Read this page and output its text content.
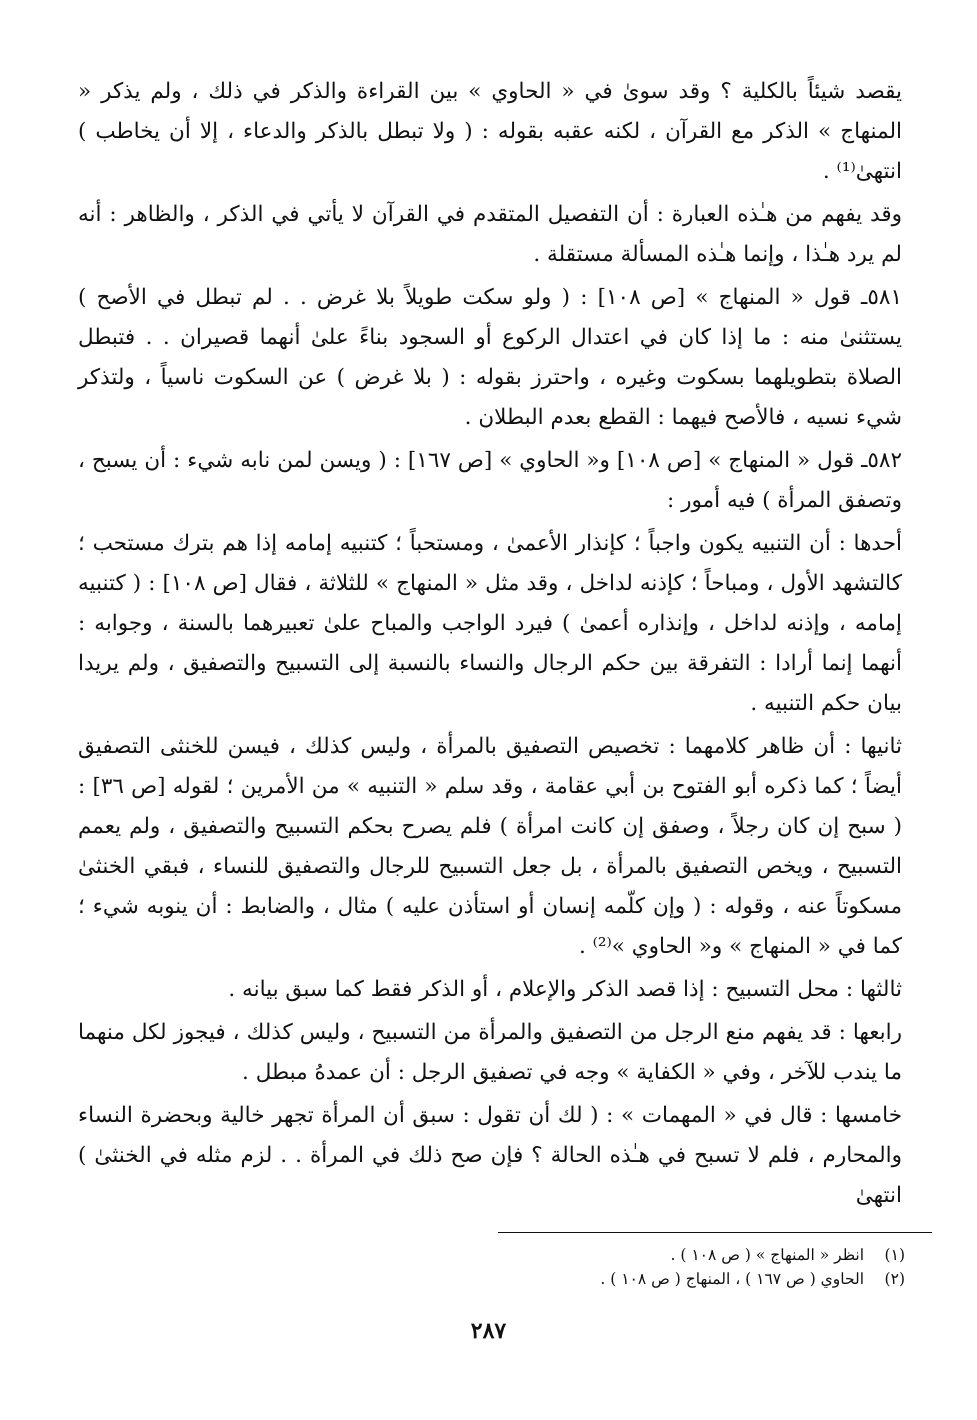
يقصد شيئاً بالكلية ؟ وقد سوىٰ في « الحاوي » بين القراءة والذكر في ذلك ، ولم يذكر « المنهاج » الذكر مع القرآن ، لكنه عقبه بقوله : ( ولا تبطل بالذكر والدعاء ، إلا أن يخاطب ) انتهىٰ⁽¹⁾ .

وقد يفهم من هـٰذه العبارة : أن التفصيل المتقدم في القرآن لا يأتي في الذكر ، والظاهر : أنه لم يرد هـٰذا ، وإنما هـٰذه المسألة مستقلة .

٥٨١ـ قول « المنهاج » [ص ١٠٨] : ( ولو سكت طويلاً بلا غرض . . لم تبطل في الأصح ) يستثنىٰ منه : ما إذا كان في اعتدال الركوع أو السجود بناءً علىٰ أنهما قصيران . . فتبطل الصلاة بتطويلهما بسكوت وغيره ، واحترز بقوله : ( بلا غرض ) عن السكوت ناسياً ، ولتذكر شيء نسيه ، فالأصح فيهما : القطع بعدم البطلان .

٥٨٢ـ قول « المنهاج » [ص ١٠٨] و« الحاوي » [ص ١٦٧] : ( ويسن لمن نابه شيء : أن يسبح ، وتصفق المرأة ) فيه أمور :

أحدها : أن التنبيه يكون واجباً ؛ كإنذار الأعمىٰ ، ومستحباً ؛ كتنبيه إمامه إذا هم بترك مستحب ؛ كالتشهد الأول ، ومباحاً ؛ كإذنه لداخل ، وقد مثل « المنهاج » للثلاثة ، فقال [ص ١٠٨] : ( كتنبيه إمامه ، وإذنه لداخل ، وإنذاره أعمىٰ ) فيرد الواجب والمباح علىٰ تعبيرهما بالسنة ، وجوابه : أنهما إنما أرادا : التفرقة بين حكم الرجال والنساء بالنسبة إلى التسبيح والتصفيق ، ولم يريدا بيان حكم التنبيه .

ثانيها : أن ظاهر كلامهما : تخصيص التصفيق بالمرأة ، وليس كذلك ، فيسن للخنثى التصفيق أيضاً ؛ كما ذكره أبو الفتوح بن أبي عقامة ، وقد سلم « التنبيه » من الأمرين ؛ لقوله [ص ٣٦] : ( سبح إن كان رجلاً ، وصفق إن كانت امرأة ) فلم يصرح بحكم التسبيح والتصفيق ، ولم يعمم التسبيح ، ويخص التصفيق بالمرأة ، بل جعل التسبيح للرجال والتصفيق للنساء ، فبقي الخنثىٰ مسكوتاً عنه ، وقوله : ( وإن كلّمه إنسان أو استأذن عليه ) مثال ، والضابط : أن ينوبه شيء ؛ كما في « المنهاج » و« الحاوي »⁽²⁾ .

ثالثها : محل التسبيح : إذا قصد الذكر والإعلام ، أو الذكر فقط كما سبق بيانه .

رابعها : قد يفهم منع الرجل من التصفيق والمرأة من التسبيح ، وليس كذلك ، فيجوز لكل منهما ما يندب للآخر ، وفي « الكفاية » وجه في تصفيق الرجل : أن عمدهُ مبطل .

خامسها : قال في « المهمات » : ( لك أن تقول : سبق أن المرأة تجهر خالية وبحضرة النساء والمحارم ، فلم لا تسبح في هـٰذه الحالة ؟ فإن صح ذلك في المرأة . . لزم مثله في الخنثىٰ ) انتهىٰ

(١) انظر « المنهاج » ( ص ١٠٨ ) .

(٢) الحاوي ( ص ١٦٧ ) ، المنهاج ( ص ١٠٨ ) .

٢٨٧
